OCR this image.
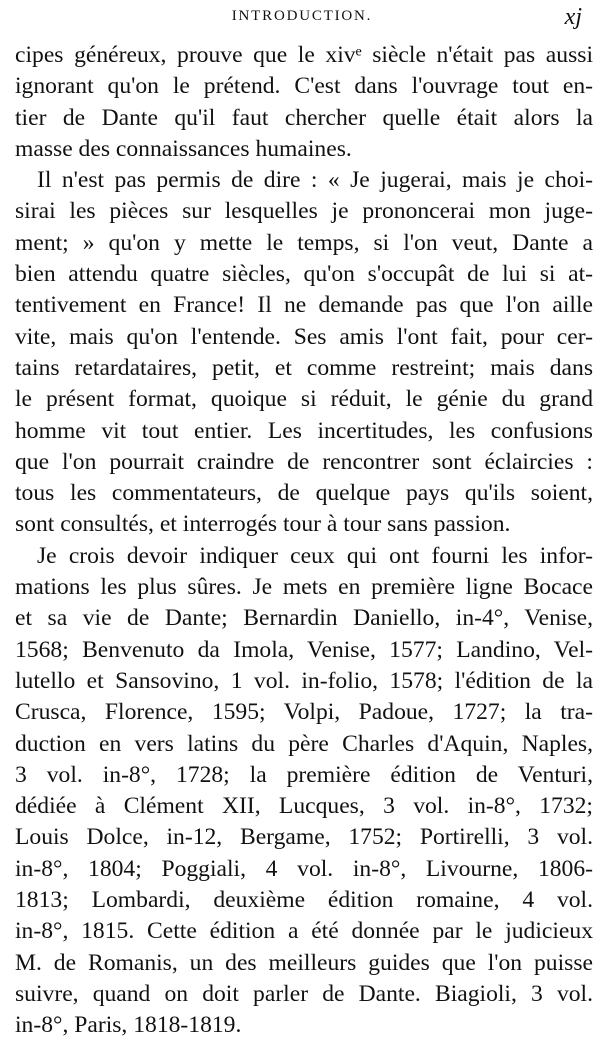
INTRODUCTION.	xj
cipes généreux, prouve que le xivᵉ siècle n'était pas aussi
ignorant qu'on le prétend. C'est dans l'ouvrage tout en-
tier de Dante qu'il faut chercher quelle était alors la
masse des connaissances humaines.
Il n'est pas permis de dire : « Je jugerai, mais je choi-
sirai les pièces sur lesquelles je prononcerai mon juge-
ment; » qu'on y mette le temps, si l'on veut, Dante a
bien attendu quatre siècles, qu'on s'occupât de lui si at-
tentivement en France! Il ne demande pas que l'on aille
vite, mais qu'on l'entende. Ses amis l'ont fait, pour cer-
tains retardataires, petit, et comme restreint; mais dans
le présent format, quoique si réduit, le génie du grand
homme vit tout entier. Les incertitudes, les confusions
que l'on pourrait craindre de rencontrer sont éclaircies :
tous les commentateurs, de quelque pays qu'ils soient,
sont consultés, et interrogés tour à tour sans passion.
Je crois devoir indiquer ceux qui ont fourni les infor-
mations les plus sûres. Je mets en première ligne Bocace
et sa vie de Dante; Bernardin Daniello, in-4°, Venise,
1568; Benvenuto da Imola, Venise, 1577; Landino, Vel-
lutello et Sansovino, 1 vol. in-folio, 1578; l'édition de la
Crusca, Florence, 1595; Volpi, Padoue, 1727; la tra-
duction en vers latins du père Charles d'Aquin, Naples,
3 vol. in-8°, 1728; la première édition de Venturi,
dédiée à Clément XII, Lucques, 3 vol. in-8°, 1732;
Louis Dolce, in-12, Bergame, 1752; Portirelli, 3 vol.
in-8°, 1804; Poggiali, 4 vol. in-8°, Livourne, 1806-
1813; Lombardi, deuxième édition romaine, 4 vol.
in-8°, 1815. Cette édition a été donnée par le judicieux
M. de Romanis, un des meilleurs guides que l'on puisse
suivre, quand on doit parler de Dante. Biagioli, 3 vol.
in-8°, Paris, 1818-1819.
